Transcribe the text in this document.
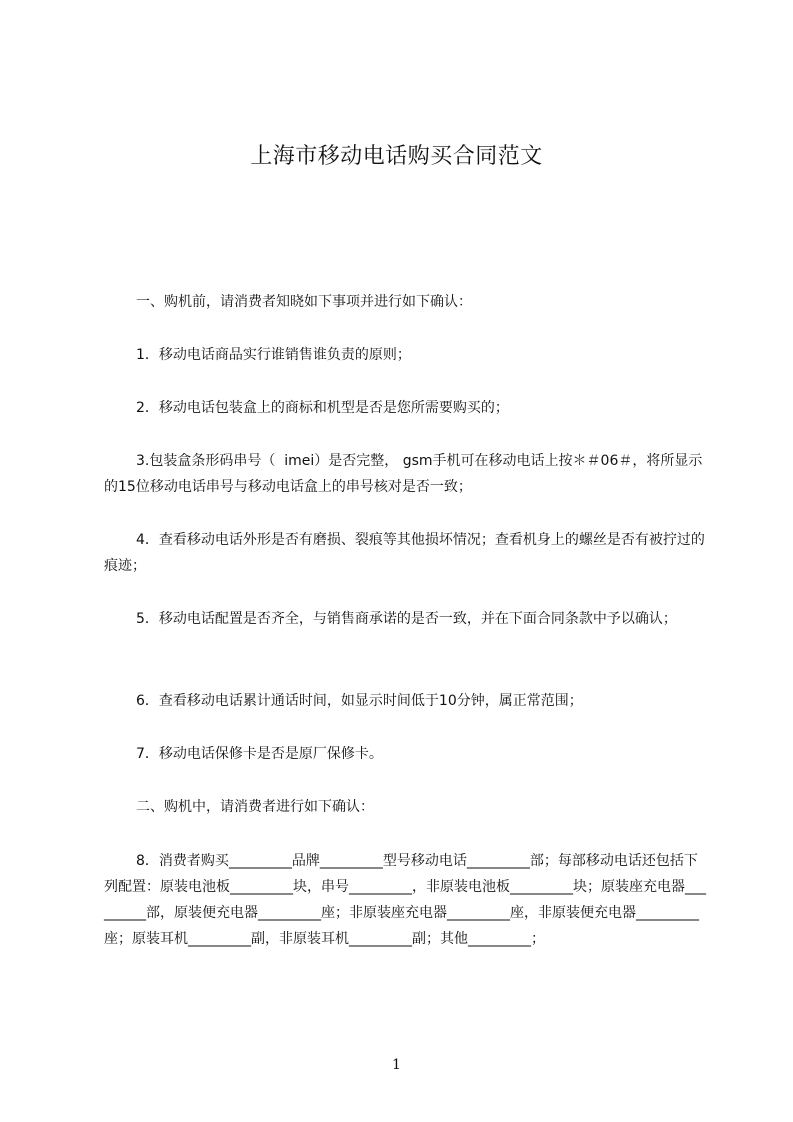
上海市移动电话购买合同范文
一、购机前，请消费者知晓如下事项并进行如下确认：
1．移动电话商品实行谁销售谁负责的原则；
2．移动电话包装盒上的商标和机型是否是您所需要购买的；
3.包装盒条形码串号（  imei）是否完整， gsm手机可在移动电话上按＊＃06＃，将所显示的15位移动电话串号与移动电话盒上的串号核对是否一致；
4．查看移动电话外形是否有磨损、裂痕等其他损坏情况；查看机身上的螺丝是否有被拧过的痕迹；
5．移动电话配置是否齐全，与销售商承诺的是否一致，并在下面合同条款中予以确认；
6．查看移动电话累计通话时间，如显示时间低于10分钟，属正常范围；
7．移动电话保修卡是否是原厂保修卡。
二、购机中，请消费者进行如下确认：
8．消费者购买_________品牌_________型号移动电话_________部；每部移动电话还包括下列配置：原装电池板_________块，串号_________，非原装电池板_________块；原装座充电器_________部，原装便充电器_________座；非原装座充电器_________座，非原装便充电器_________座；原装耳机_________副，非原装耳机_________副；其他_________；
1
